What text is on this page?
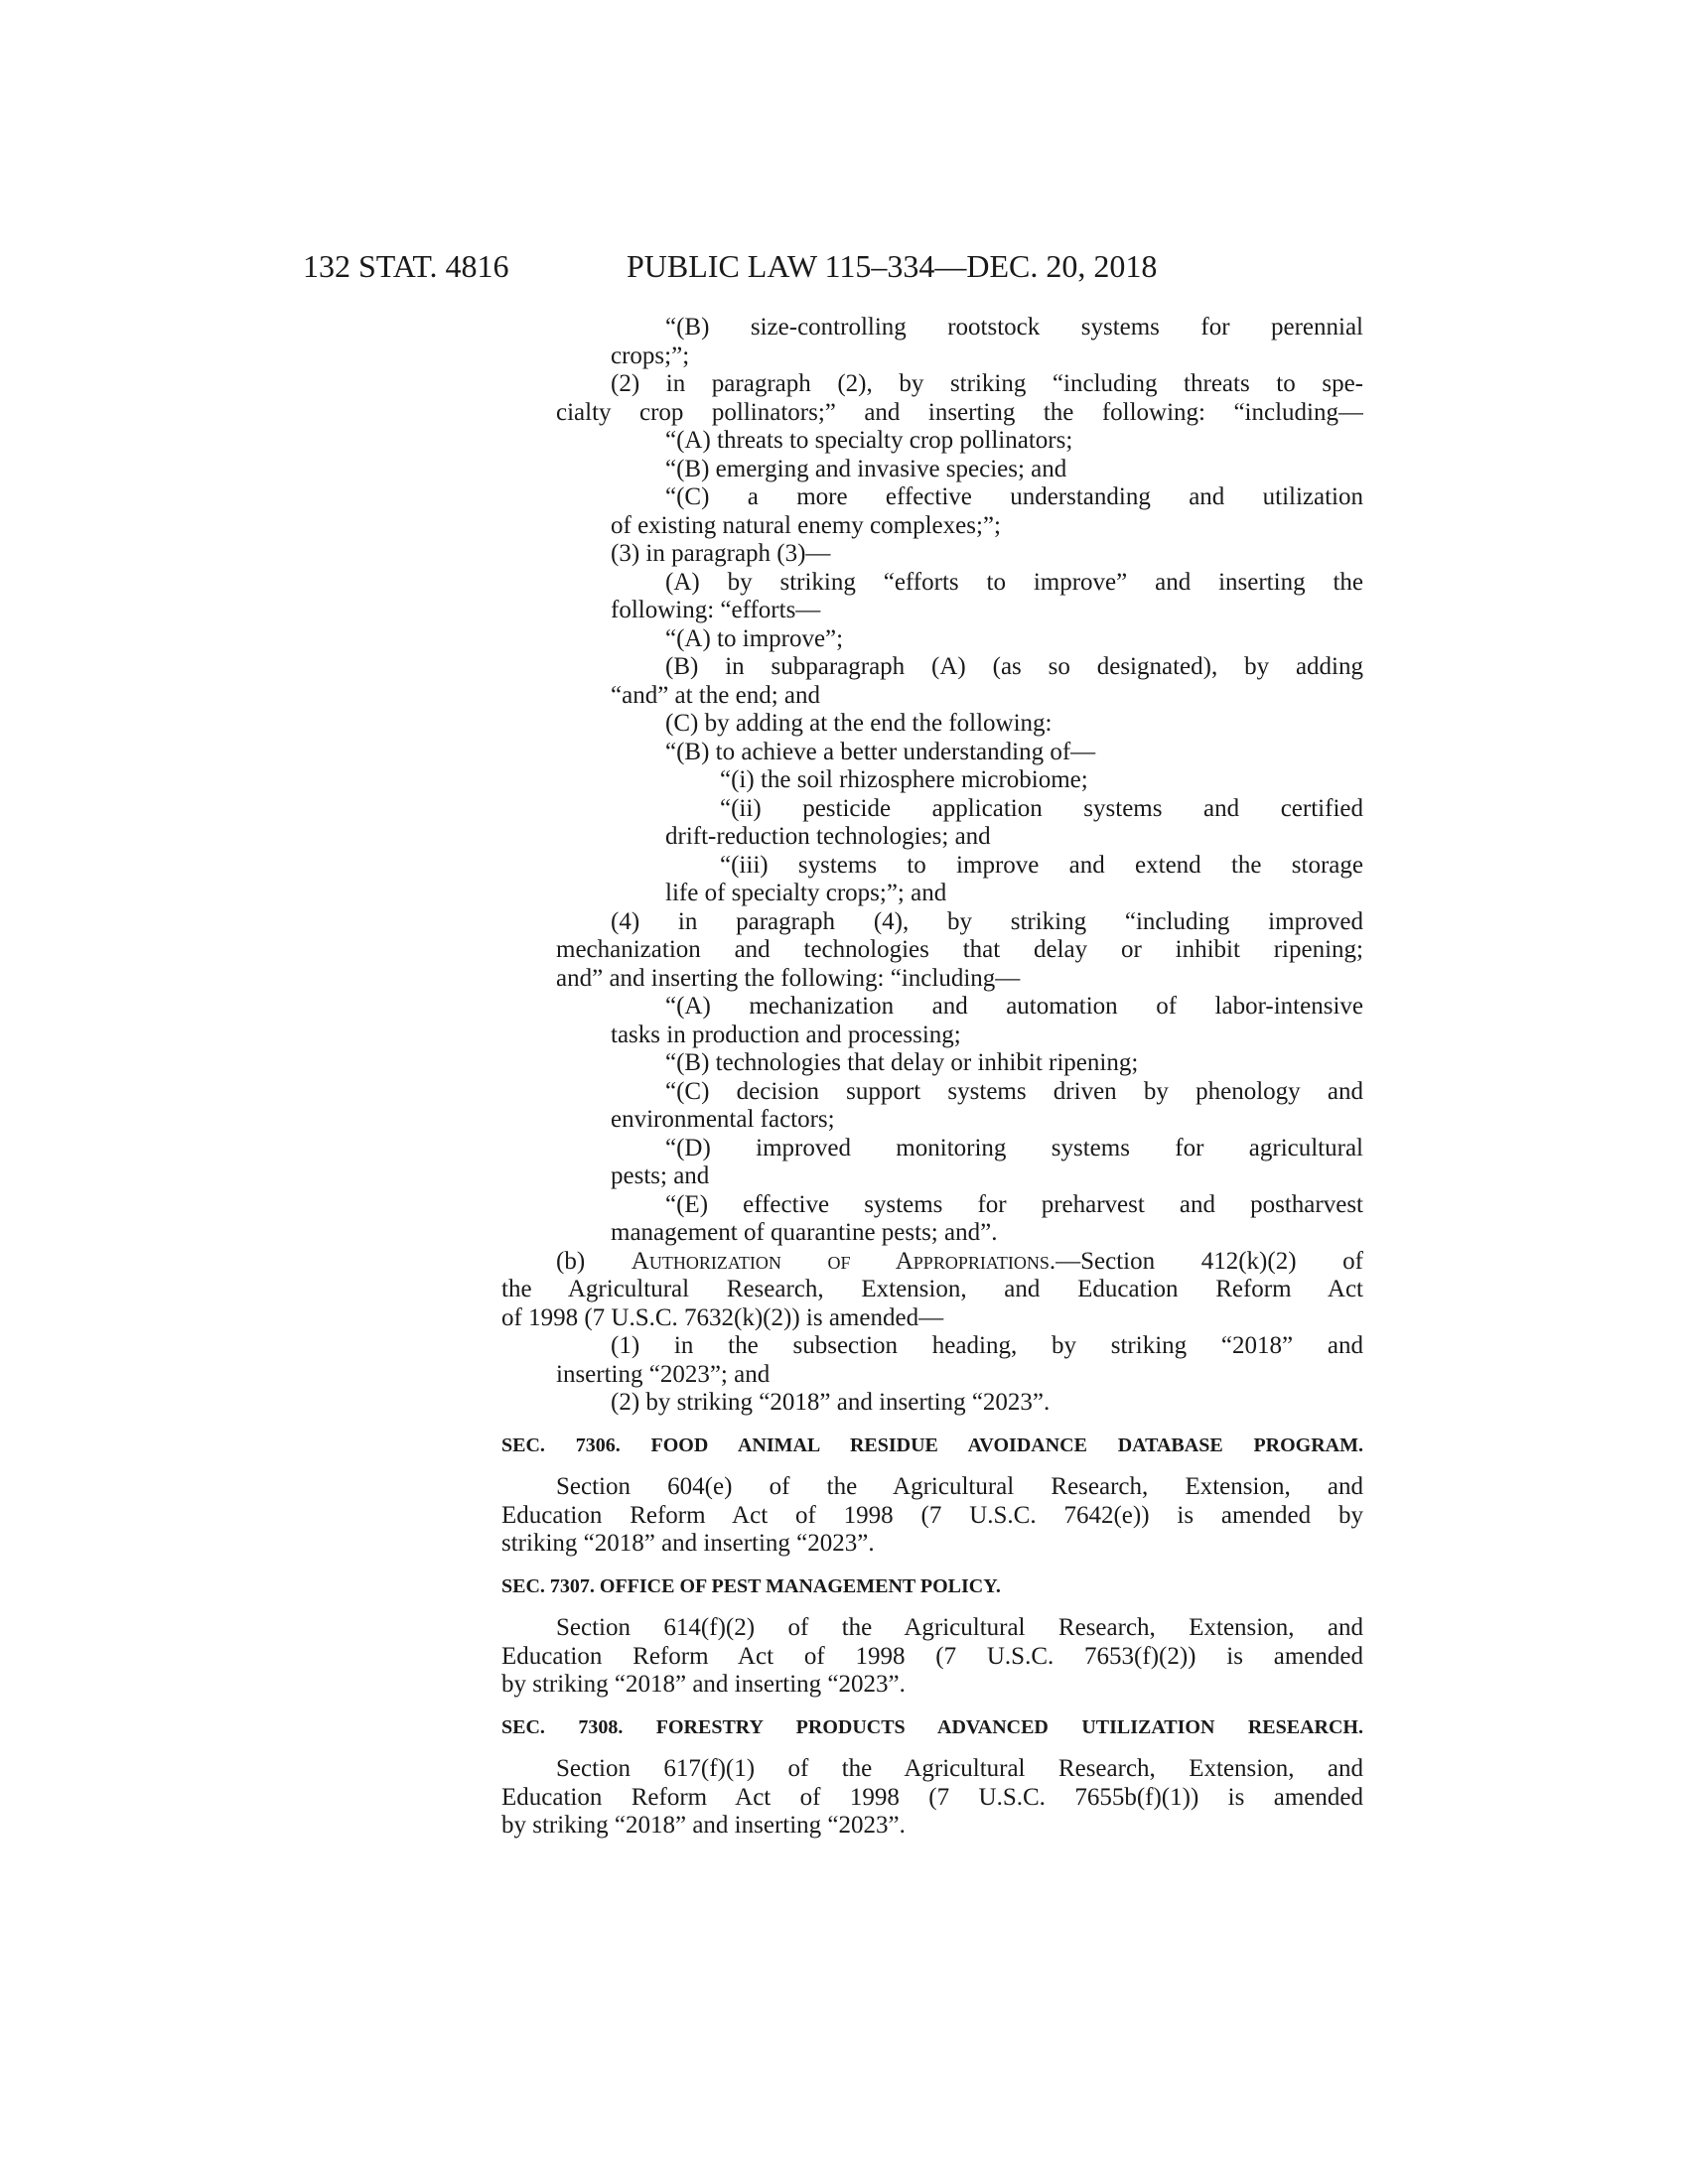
132 STAT. 4816	PUBLIC LAW 115–334—DEC. 20, 2018
“(B) size-controlling rootstock systems for perennial
crops;”;
(2) in paragraph (2), by striking “including threats to spe-
cialty crop pollinators;” and inserting the following: “including—
“(A) threats to specialty crop pollinators;
“(B) emerging and invasive species; and
“(C) a more effective understanding and utilization
of existing natural enemy complexes;”;
(3) in paragraph (3)—
(A) by striking “efforts to improve” and inserting the
following: “efforts—
“(A) to improve”;
(B) in subparagraph (A) (as so designated), by adding
“and” at the end; and
(C) by adding at the end the following:
“(B) to achieve a better understanding of—
“(i) the soil rhizosphere microbiome;
“(ii) pesticide application systems and certified
drift-reduction technologies; and
“(iii) systems to improve and extend the storage
life of specialty crops;”; and
(4) in paragraph (4), by striking “including improved
mechanization and technologies that delay or inhibit ripening;
and” and inserting the following: “including—
“(A) mechanization and automation of labor-intensive
tasks in production and processing;
“(B) technologies that delay or inhibit ripening;
“(C) decision support systems driven by phenology and
environmental factors;
“(D) improved monitoring systems for agricultural
pests; and
“(E) effective systems for preharvest and postharvest
management of quarantine pests; and”.
(b) Authorization of Appropriations.—Section 412(k)(2) of
the Agricultural Research, Extension, and Education Reform Act
of 1998 (7 U.S.C. 7632(k)(2)) is amended—
(1) in the subsection heading, by striking “2018” and
inserting “2023”; and
(2) by striking “2018” and inserting “2023”.
SEC. 7306. FOOD ANIMAL RESIDUE AVOIDANCE DATABASE PROGRAM.
Section 604(e) of the Agricultural Research, Extension, and
Education Reform Act of 1998 (7 U.S.C. 7642(e)) is amended by
striking “2018” and inserting “2023”.
SEC. 7307. OFFICE OF PEST MANAGEMENT POLICY.
Section 614(f)(2) of the Agricultural Research, Extension, and
Education Reform Act of 1998 (7 U.S.C. 7653(f)(2)) is amended
by striking “2018” and inserting “2023”.
SEC. 7308. FORESTRY PRODUCTS ADVANCED UTILIZATION RESEARCH.
Section 617(f)(1) of the Agricultural Research, Extension, and
Education Reform Act of 1998 (7 U.S.C. 7655b(f)(1)) is amended
by striking “2018” and inserting “2023”.
